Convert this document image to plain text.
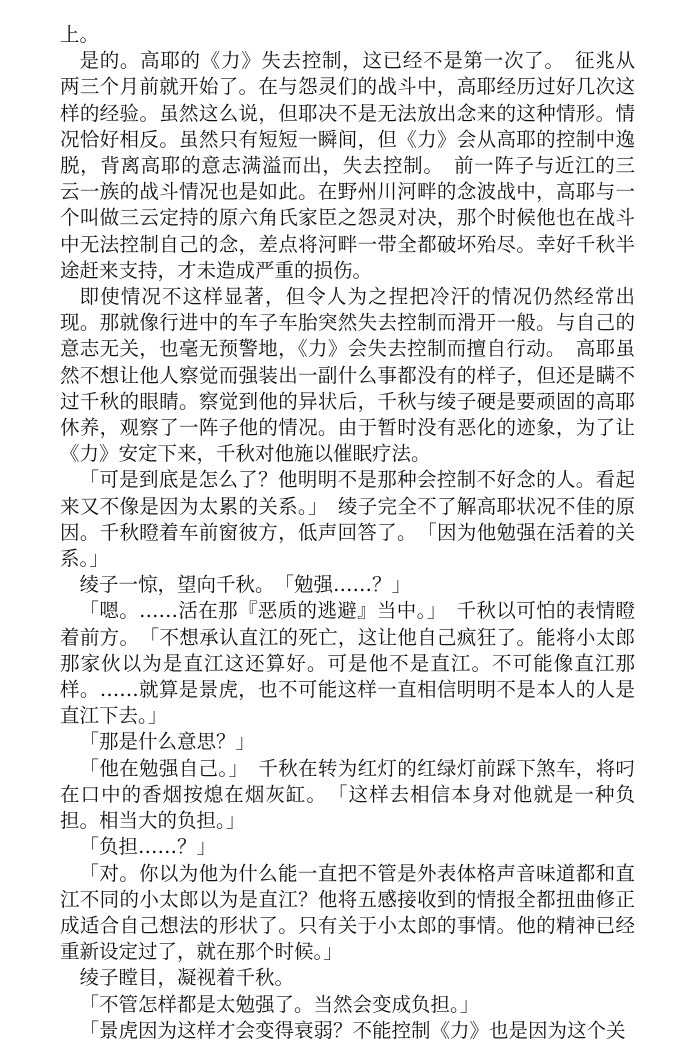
上。

是的。高耶的《力》失去控制，这已经不是第一次了。　征兆从两三个月前就开始了。在与怨灵们的战斗中，高耶经历过好几次这样的经验。虽然这么说，但耶决不是无法放出念来的这种情形。情况恰好相反。虽然只有短短一瞬间，但《力》会从高耶的控制中逸脱，背离高耶的意志满溢而出，失去控制。　前一阵子与近江的三云一族的战斗情况也是如此。在野州川河畔的念波战中，高耶与一个叫做三云定持的原六角氏家臣之怨灵对决，那个时候他也在战斗中无法控制自己的念，差点将河畔一带全都破坏殆尽。幸好千秋半途赶来支持，才未造成严重的损伤。

即使情况不这样显著，但令人为之捏把冷汗的情况仍然经常出现。那就像行进中的车子车胎突然失去控制而滑开一般。与自己的意志无关，也毫无预警地，《力》会失去控制而擅自行动。　高耶虽然不想让他人察觉而强装出一副什么事都没有的样子，但还是瞒不过千秋的眼睛。察觉到他的异状后，千秋与绫子硬是要顽固的高耶休养，观察了一阵子他的情况。由于暂时没有恶化的迹象，为了让《力》安定下来，千秋对他施以催眠疗法。

「可是到底是怎么了？他明明不是那种会控制不好念的人。看起来又不像是因为太累的关系。」　绫子完全不了解高耶状况不佳的原因。千秋瞪着车前窗彼方，低声回答了。　「因为他勉强在活着的关系。」

绫子一惊，望向千秋。　「勉强……？」

「嗯。……活在那『恶质的逃避』当中。」　千秋以可怕的表情瞪着前方。　「不想承认直江的死亡，这让他自己疯狂了。能将小太郎那家伙以为是直江这还算好。可是他不是直江。不可能像直江那样。……就算是景虎，也不可能这样一直相信明明不是本人的人是直江下去。」

「那是什么意思？」

「他在勉强自己。」　千秋在转为红灯的红绿灯前踩下煞车，将叼在口中的香烟按熄在烟灰缸。　「这样去相信本身对他就是一种负担。相当大的负担。」

「负担……？」

「对。你以为他为什么能一直把不管是外表体格声音味道都和直江不同的小太郎以为是直江？他将五感接收到的情报全都扭曲修正成适合自己想法的形状了。只有关于小太郎的事情。他的精神已经重新设定过了，就在那个时候。」

绫子瞠目，凝视着千秋。

「不管怎样都是太勉强了。当然会变成负担。」

「景虎因为这样才会变得衰弱？不能控制《力》也是因为这个关
